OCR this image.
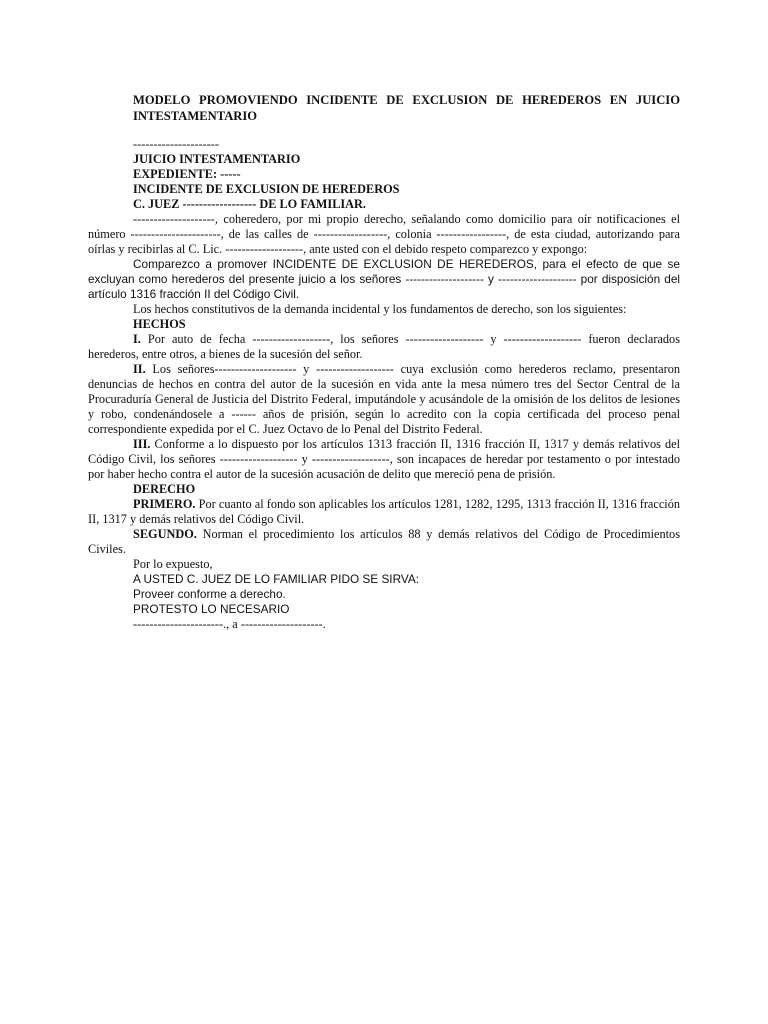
MODELO PROMOVIENDO INCIDENTE DE EXCLUSION DE HEREDEROS EN JUICIO INTESTAMENTARIO

---------------------
JUICIO INTESTAMENTARIO
EXPEDIENTE: -----
INCIDENTE DE EXCLUSION DE HEREDEROS
C. JUEZ ------------------ DE LO FAMILIAR.

--------------------, coheredero, por mi propio derecho, señalando como domicilio para oír notificaciones el número ----------------------, de las calles de ------------------, colonia -----------------, de esta ciudad, autorizando para oírlas y recibirlas al C. Lic. -------------------, ante usted con el debido respeto comparezco y expongo:

Comparezco a promover INCIDENTE DE EXCLUSION DE HEREDEROS, para el efecto de que se excluyan como herederos del presente juicio a los señores -------------------- y -------------------- por disposición del artículo 1316 fracción II del Código Civil.

Los hechos constitutivos de la demanda incidental y los fundamentos de derecho, son los siguientes:

HECHOS

I. Por auto de fecha -------------------, los señores ------------------- y ------------------- fueron declarados herederos, entre otros, a bienes de la sucesión del señor.

II. Los señores-------------------- y ------------------- cuya exclusión como herederos reclamo, presentaron denuncias de hechos en contra del autor de la sucesión en vida ante la mesa número tres del Sector Central de la Procuraduría General de Justicia del Distrito Federal, imputándole y acusándole de la omisión de los delitos de lesiones y robo, condenándosele a ------ años de prisión, según lo acredito con la copia certificada del proceso penal correspondiente expedida por el C. Juez Octavo de lo Penal del Distrito Federal.

III. Conforme a lo dispuesto por los artículos 1313 fracción II, 1316 fracción II, 1317 y demás relativos del Código Civil, los señores ------------------- y -------------------, son incapaces de heredar por testamento o por intestado por haber hecho contra el autor de la sucesión acusación de delito que mereció pena de prisión.

DERECHO

PRIMERO. Por cuanto al fondo son aplicables los artículos 1281, 1282, 1295, 1313 fracción II, 1316 fracción II, 1317 y demás relativos del Código Civil.

SEGUNDO. Norman el procedimiento los artículos 88 y demás relativos del Código de Procedimientos Civiles.

Por lo expuesto,
A USTED C. JUEZ DE LO FAMILIAR PIDO SE SIRVA:
Proveer conforme a derecho.
PROTESTO LO NECESARIO
----------------------., a --------------------.
